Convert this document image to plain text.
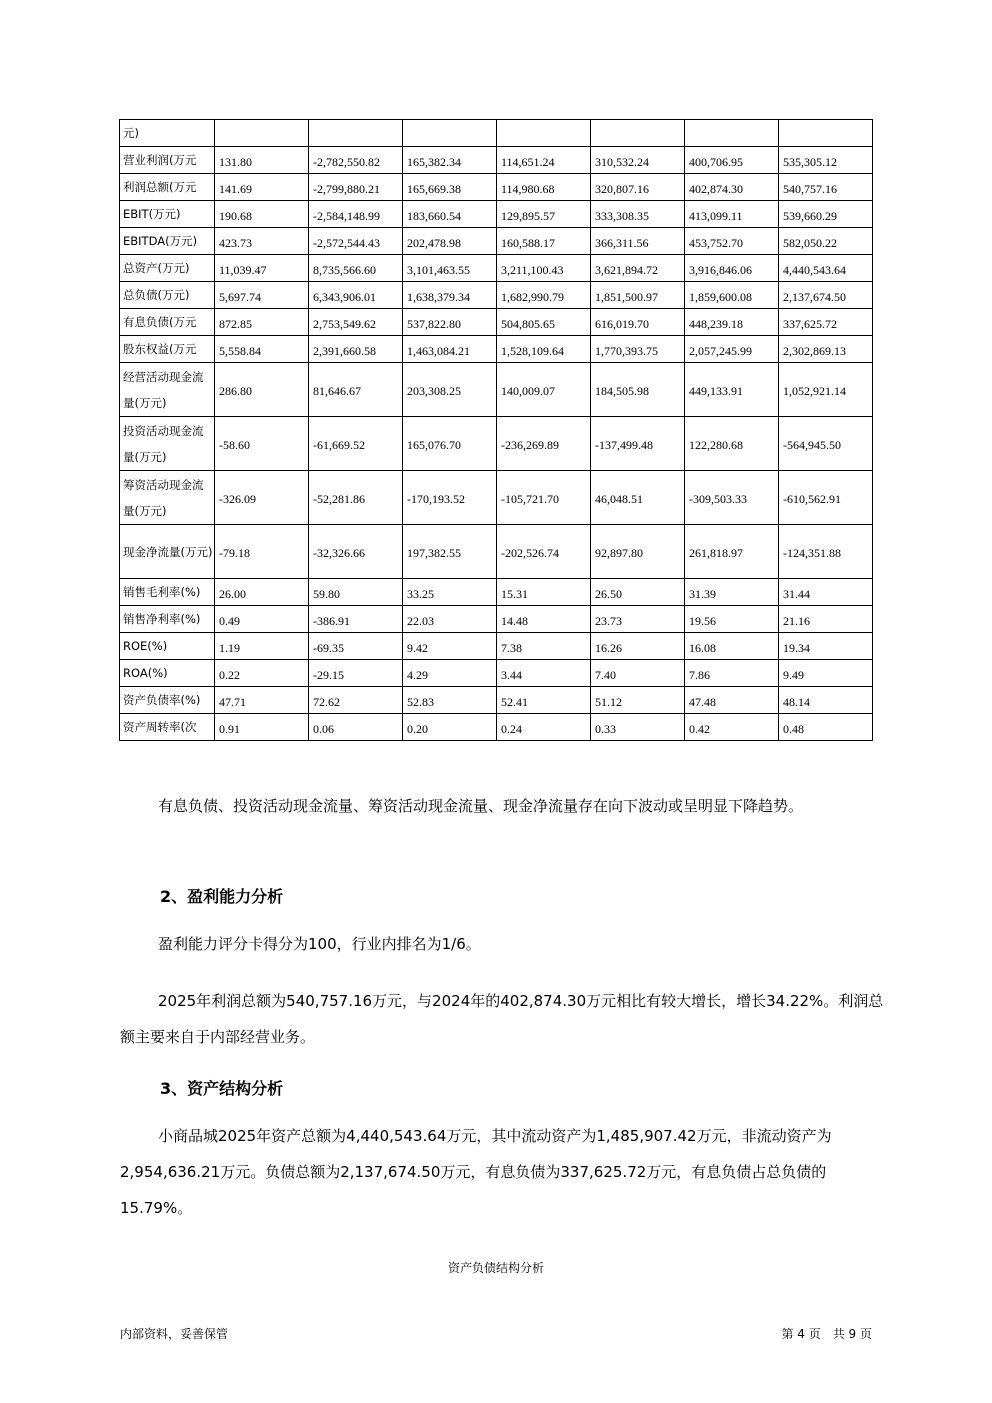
元)							
营业利润(万元	131.80	-2,782,550.82	165,382.34	114,651.24	310,532.24	400,706.95	535,305.12
利润总额(万元	141.69	-2,799,880.21	165,669.38	114,980.68	320,807.16	402,874.30	540,757.16
EBIT(万元)	190.68	-2,584,148.99	183,660.54	129,895.57	333,308.35	413,099.11	539,660.29
EBITDA(万元)	423.73	-2,572,544.43	202,478.98	160,588.17	366,311.56	453,752.70	582,050.22
总资产(万元)	11,039.47	8,735,566.60	3,101,463.55	3,211,100.43	3,621,894.72	3,916,846.06	4,440,543.64
总负债(万元)	5,697.74	6,343,906.01	1,638,379.34	1,682,990.79	1,851,500.97	1,859,600.08	2,137,674.50
有息负债(万元	872.85	2,753,549.62	537,822.80	504,805.65	616,019.70	448,239.18	337,625.72
股东权益(万元	5,558.84	2,391,660.58	1,463,084.21	1,528,109.64	1,770,393.75	2,057,245.99	2,302,869.13
经营活动现金流量(万元)	286.80	81,646.67	203,308.25	140,009.07	184,505.98	449,133.91	1,052,921.14
投资活动现金流量(万元)	-58.60	-61,669.52	165,076.70	-236,269.89	-137,499.48	122,280.68	-564,945.50
筹资活动现金流量(万元)	-326.09	-52,281.86	-170,193.52	-105,721.70	46,048.51	-309,503.33	-610,562.91
现金净流量(万元)	-79.18	-32,326.66	197,382.55	-202,526.74	92,897.80	261,818.97	-124,351.88
销售毛利率(%)	26.00	59.80	33.25	15.31	26.50	31.39	31.44
销售净利率(%)	0.49	-386.91	22.03	14.48	23.73	19.56	21.16
ROE(%)	1.19	-69.35	9.42	7.38	16.26	16.08	19.34
ROA(%)	0.22	-29.15	4.29	3.44	7.40	7.86	9.49
资产负债率(%)	47.71	72.62	52.83	52.41	51.12	47.48	48.14
资产周转率(次	0.91	0.06	0.20	0.24	0.33	0.42	0.48

有息负债、投资活动现金流量、筹资活动现金流量、现金净流量存在向下波动或呈明显下降趋势。

2、盈利能力分析

盈利能力评分卡得分为100，行业内排名为1/6。

2025年利润总额为540,757.16万元，与2024年的402,874.30万元相比有较大增长，增长34.22%。利润总额主要来自于内部经营业务。

3、资产结构分析

小商品城2025年资产总额为4,440,543.64万元，其中流动资产为1,485,907.42万元，非流动资产为2,954,636.21万元。负债总额为2,137,674.50万元，有息负债为337,625.72万元，有息负债占总负债的15.79%。

资产负债结构分析
内部资料，妥善保管	第 4 页　共 9 页
